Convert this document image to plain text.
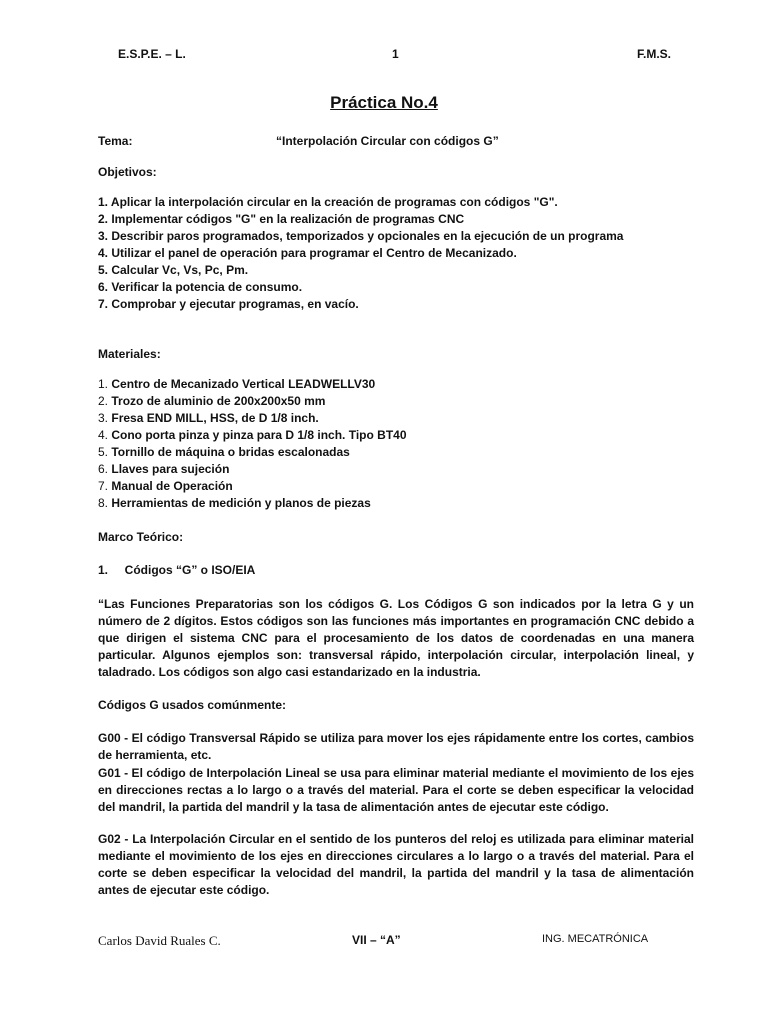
E.S.P.E. – L.	1	F.M.S.
Práctica No.4
Tema:	“Interpolación Circular con códigos G”
Objetivos:
1. Aplicar la interpolación circular en la creación de programas con códigos "G".
2. Implementar códigos "G" en la realización de programas CNC
3. Describir paros programados, temporizados y opcionales en la ejecución de un programa
4. Utilizar el panel de operación para programar el Centro de Mecanizado.
5. Calcular Vc, Vs, Pc, Pm.
6. Verificar la potencia de consumo.
7. Comprobar y ejecutar programas, en vacío.
Materiales:
1. Centro de Mecanizado Vertical LEADWELLV30
2. Trozo de aluminio de 200x200x50 mm
3. Fresa END MILL, HSS, de D 1/8 inch.
4. Cono porta pinza y pinza para D 1/8 inch. Tipo BT40
5. Tornillo de máquina o bridas escalonadas
6. Llaves para sujeción
7. Manual de Operación
8. Herramientas de medición y planos de piezas
Marco Teórico:
1.     Códigos “G” o ISO/EIA
“Las Funciones Preparatorias son los códigos G. Los Códigos G son indicados por la letra G y un número de 2 dígitos. Estos códigos son las funciones más importantes en programación CNC debido a que dirigen el sistema CNC para el procesamiento de los datos de coordenadas en una manera particular. Algunos ejemplos son: transversal rápido, interpolación circular, interpolación lineal, y taladrado. Los códigos son algo casi estandarizado en la industria.
Códigos G usados comúnmente:
G00 - El código Transversal Rápido se utiliza para mover los ejes rápidamente entre los cortes, cambios de herramienta, etc.
G01 - El código de Interpolación Lineal se usa para eliminar material mediante el movimiento de los ejes en direcciones rectas a lo largo o a través del material. Para el corte se deben especificar la velocidad del mandril, la partida del mandril y la tasa de alimentación antes de ejecutar este código.
G02 - La Interpolación Circular en el sentido de los punteros del reloj es utilizada para eliminar material mediante el movimiento de los ejes en direcciones circulares a lo largo o a través del material. Para el corte se deben especificar la velocidad del mandril, la partida del mandril y la tasa de alimentación antes de ejecutar este código.
Carlos David Ruales C.	VII – “A”	ING. MECATRÓNICA
